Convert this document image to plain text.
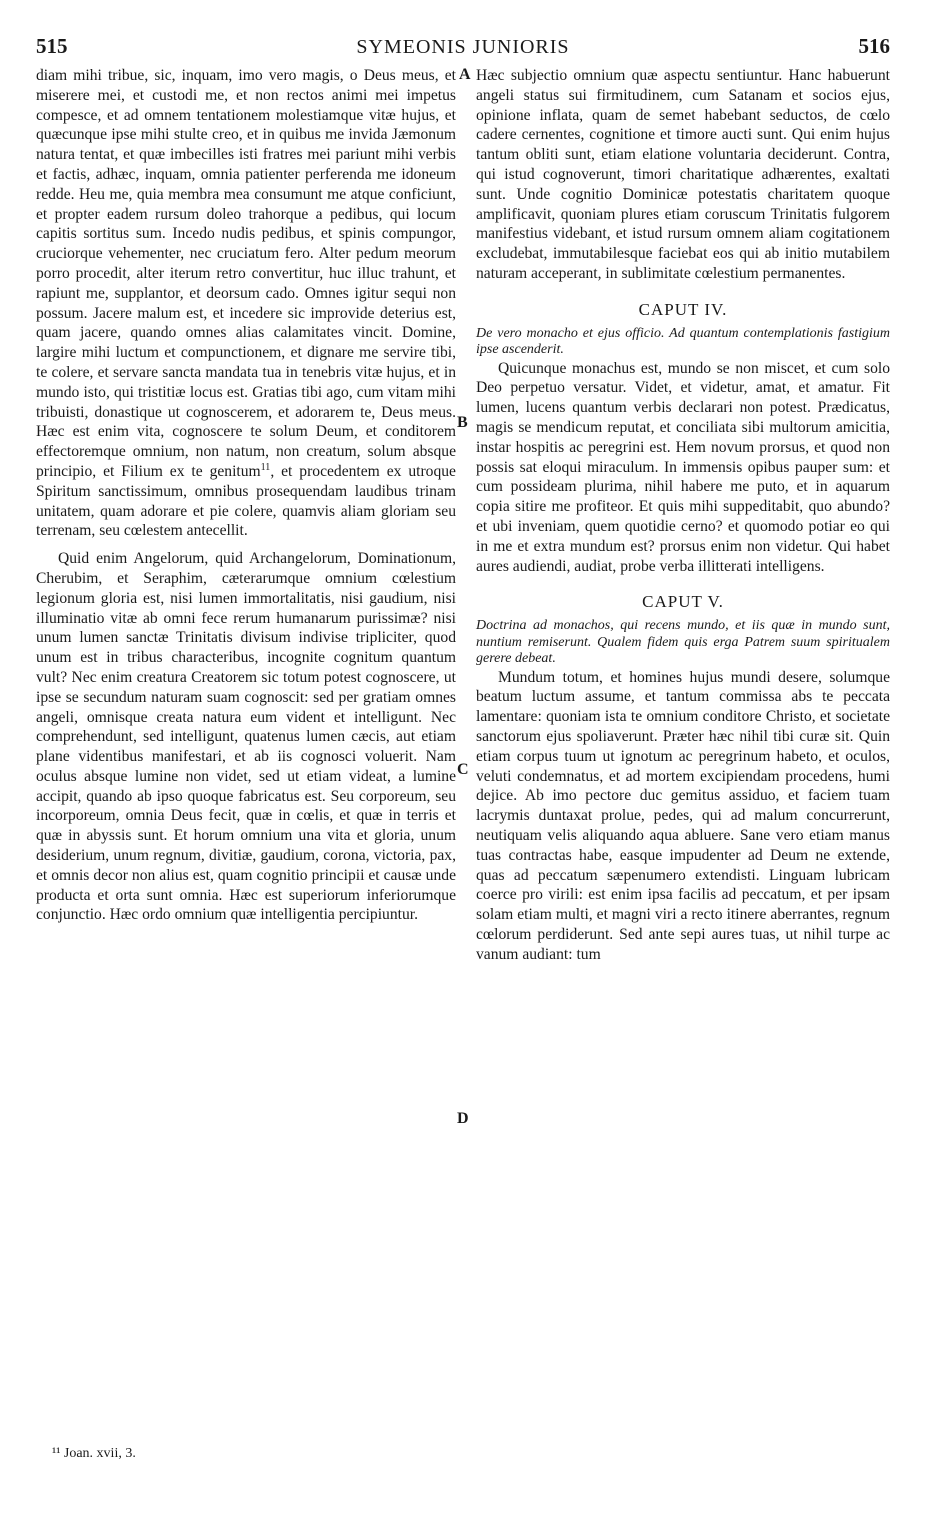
515	SYMEONIS JUNIORIS	516

diam mihi tribue, sic, inquam, imo vero magis, o Deus meus, et miserere mei, et custodi me, et non rectos animi mei impetus compesce, et ad omnem tentationem molestiamque vitæ hujus, et quæcunque ipse mihi stulte creo, et in quibus me invida Jæmonum natura tentat, et quæ imbecilles isti fratres mei pariunt mihi verbis et factis, adhæc, inquam, omnia patienter perferenda me idoneum redde. Heu me, quia membra mea consumunt me atque conficiunt, et propter eadem rursum doleo trahorque a pedibus, qui locum capitis sortitus sum. Incedo nudis pedibus, et spinis compungor, cruciorque vehementer, nec cruciatum fero. Alter pedum meorum porro procedit, alter iterum retro convertitur, huc illuc trahunt, et rapiunt me, supplantor, et deorsum cado. Omnes igitur sequi non possum. Jacere malum est, et incedere sic improvide deterius est, quam jacere, quando omnes alias calamitates vincit. Domine, largire mihi luctum et compunctionem, et dignare me servire tibi, te colere, et servare sancta mandata tua in tenebris vitæ hujus, et in mundo isto, qui tristitiæ locus est. Gratias tibi ago, cum vitam mihi tribuisti, donastique ut cognoscerem, et adorarem te, Deus meus. Hæc est enim vita, cognoscere te solum Deum, et conditorem effectoremque omnium, non natum, non creatum, solum absque principio, et Filium ex te genitum$^{11}$, et procedentem ex utroque Spiritum sanctissimum, omnibus prosequendam laudibus trinam unitatem, quam adorare et pie colere, quamvis aliam gloriam seu terrenam, seu cœlestem antecellit.

Quid enim Angelorum, quid Archangelorum, Dominationum, Cherubim, et Seraphim, cæterarumque omnium cœlestium legionum gloria est, nisi lumen immortalitatis, nisi gaudium, nisi illuminatio vitæ ab omni fece rerum humanarum purissimæ? nisi unum lumen sanctæ Trinitatis divisum indivise tripliciter, quod unum est in tribus characteribus, incognite cognitum quantum vult? Nec enim creatura Creatorem sic totum potest cognoscere, ut ipse se secundum naturam suam cognoscit: sed per gratiam omnes angeli, omnisque creata natura eum vident et intelligunt. Nec comprehendunt, sed intelligunt, quatenus lumen cæcis, aut etiam plane videntibus manifestari, et ab iis cognosci voluerit. Nam oculus absque lumine non videt, sed ut etiam videat, a lumine accipit, quando ab ipso quoque fabricatus est. Seu corporeum, seu incorporeum, omnia Deus fecit, quæ in cœlis, et quæ in terris et quæ in abyssis sunt. Et horum omnium una vita et gloria, unum desiderium, unum regnum, divitiæ, gaudium, corona, victoria, pax, et omnis decor non alius est, quam cognitio principii et causæ unde producta et orta sunt omnia. Hæc est superiorum inferiorumque conjunctio. Hæc ordo omnium quæ intelligentia percipiuntur.

A
B
C
D

Hæc subjectio omnium quæ aspectu sentiuntur. Hanc habuerunt angeli status sui firmitudinem, cum Satanam et socios ejus, opinione inflata, quam de semet habebant seductos, de cœlo cadere cernentes, cognitione et timore aucti sunt. Qui enim hujus tantum obliti sunt, etiam elatione voluntaria deciderunt. Contra, qui istud cognoverunt, timori charitatique adhærentes, exaltati sunt. Unde cognitio Dominicæ potestatis charitatem quoque amplificavit, quoniam plures etiam coruscum Trinitatis fulgorem manifestius videbant, et istud rursum omnem aliam cogitationem excludebat, immutabilesque faciebat eos qui ab initio mutabilem naturam acceperant, in sublimitate cœlestium permanentes.

CAPUT IV.

De vero monacho et ejus officio. Ad quantum contemplationis fastigium ipse ascenderit.

Quicunque monachus est, mundo se non miscet, et cum solo Deo perpetuo versatur. Videt, et videtur, amat, et amatur. Fit lumen, lucens quantum verbis declarari non potest. Prædicatus, magis se mendicum reputat, et conciliata sibi multorum amicitia, instar hospitis ac peregrini est. Hem novum prorsus, et quod non possis sat eloqui miraculum. In immensis opibus pauper sum: et cum possideam plurima, nihil habere me puto, et in aquarum copia sitire me profiteor. Et quis mihi suppeditabit, quo abundo? et ubi inveniam, quem quotidie cerno? et quomodo potiar eo qui in me et extra mundum est? prorsus enim non videtur. Qui habet aures audiendi, audiat, probe verba illitterati intelligens.

CAPUT V.

Doctrina ad monachos, qui recens mundo, et iis quæ in mundo sunt, nuntium remiserunt. Qualem fidem quis erga Patrem suum spiritualem gerere debeat.

Mundum totum, et homines hujus mundi desere, solumque beatum luctum assume, et tantum commissa abs te peccata lamentare: quoniam ista te omnium conditore Christo, et societate sanctorum ejus spoliaverunt. Præter hæc nihil tibi curæ sit. Quin etiam corpus tuum ut ignotum ac peregrinum habeto, et oculos, veluti condemnatus, et ad mortem excipiendam procedens, humi dejice. Ab imo pectore duc gemitus assiduo, et faciem tuam lacrymis duntaxat prolue, pedes, qui ad malum concurrerunt, neutiquam velis aliquando aqua abluere. Sane vero etiam manus tuas contractas habe, easque impudenter ad Deum ne extende, quas ad peccatum sæpenumero extendisti. Linguam lubricam coerce pro virili: est enim ipsa facilis ad peccatum, et per ipsam solam etiam multi, et magni viri a recto itinere aberrantes, regnum cœlorum perdiderunt. Sed ante sepi aures tuas, ut nihil turpe ac vanum audiant: tum

¹¹ Joan. xvii, 3.
